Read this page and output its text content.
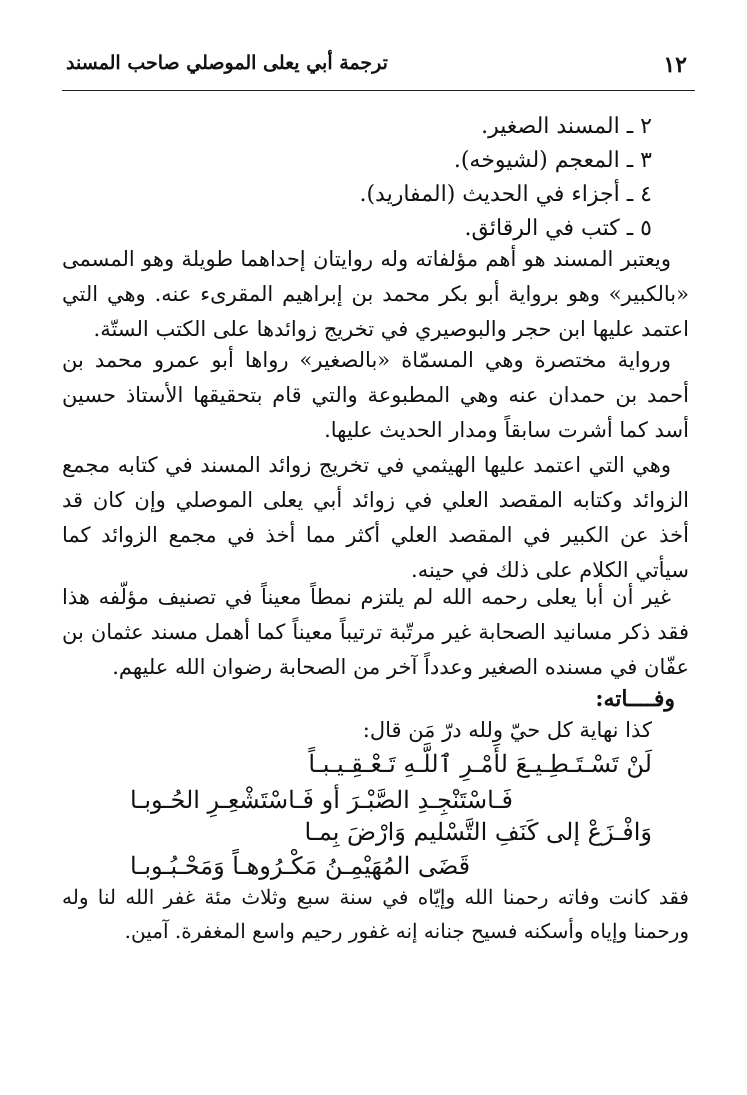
١٢
ترجمة أبي يعلى الموصلي صاحب المسند
٢ ـ المسند الصغير.
٣ ـ المعجم (لشيوخه).
٤ ـ أجزاء في الحديث (المفاريد).
٥ ـ كتب في الرقائق.
ويعتبر المسند هو أهم مؤلفاته وله روايتان إحداهما طويلة وهو المسمى «بالكبير» وهو برواية أبو بكر محمد بن إبراهيم المقرىء عنه. وهي التي اعتمد عليها ابن حجر والبوصيري في تخريج زوائدها على الكتب الستّة.
ورواية مختصرة وهي المسمّاة «بالصغير» رواها أبو عمرو محمد بن أحمد بن حمدان عنه وهي المطبوعة والتي قام بتحقيقها الأستاذ حسين أسد كما أشرت سابقاً ومدار الحديث عليها.
وهي التي اعتمد عليها الهيثمي في تخريج زوائد المسند في كتابه مجمع الزوائد وكتابه المقصد العلي في زوائد أبي يعلى الموصلي وإن كان قد أخذ عن الكبير في المقصد العلي أكثر مما أخذ في مجمع الزوائد كما سيأتي الكلام على ذلك في حينه.
غير أن أبا يعلى رحمه الله لم يلتزم نمطاً معيناً في تصنيف مؤلّفه هذا فقد ذكر مسانيد الصحابة غير مرتّبة ترتيباً معيناً كما أهمل مسند عثمان بن عفّان في مسنده الصغير وعدداً آخر من الصحابة رضوان الله عليهم.
وفــــاته:
كذا نهاية كل حيّ ولله درّ مَن قال:
لَنْ تَسْـتَـطِـيـعَ لأَمْـرِ ٱللَّـهِ تَـعْـقِـيـبـاً
فَـاسْتَنْجِـدِ الصَّبْـرَ أو فَـاسْتَشْعِـرِ الحُـوبـا
وَافْـزَعْ إلى كَنَفِ التَّسْليم وَارْضَ بِمـا
قَضَى المُهَيْمِـنُ مَكْـرُوهـاً وَمَحْـبُـوبـا
فقد كانت وفاته رحمنا الله وإيّاه في سنة سبع وثلاث مئة غفر الله لنا وله ورحمنا وإياه وأسكنه فسيح جنانه إنه غفور رحيم واسع المغفرة. آمين.
